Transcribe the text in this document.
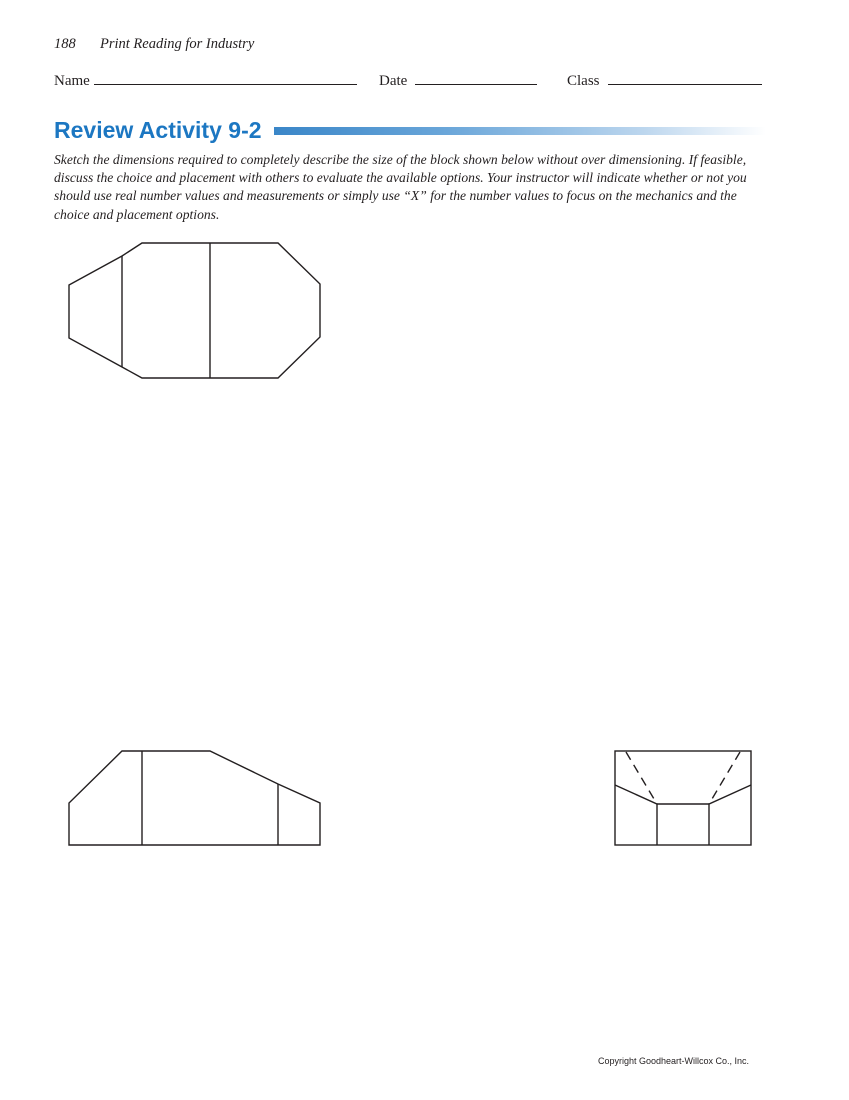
188 Print Reading for Industry
Name	Date	Class
Review Activity 9-2

Sketch the dimensions required to completely describe the size of the block shown below without over dimensioning. If feasible, discuss the choice and placement with others to evaluate the available options. Your instructor will indicate whether or not you should use real number values and measurements or simply use “X” for the number values to focus on the mechanics and the choice and placement options.

Copyright Goodheart-Willcox Co., Inc.
